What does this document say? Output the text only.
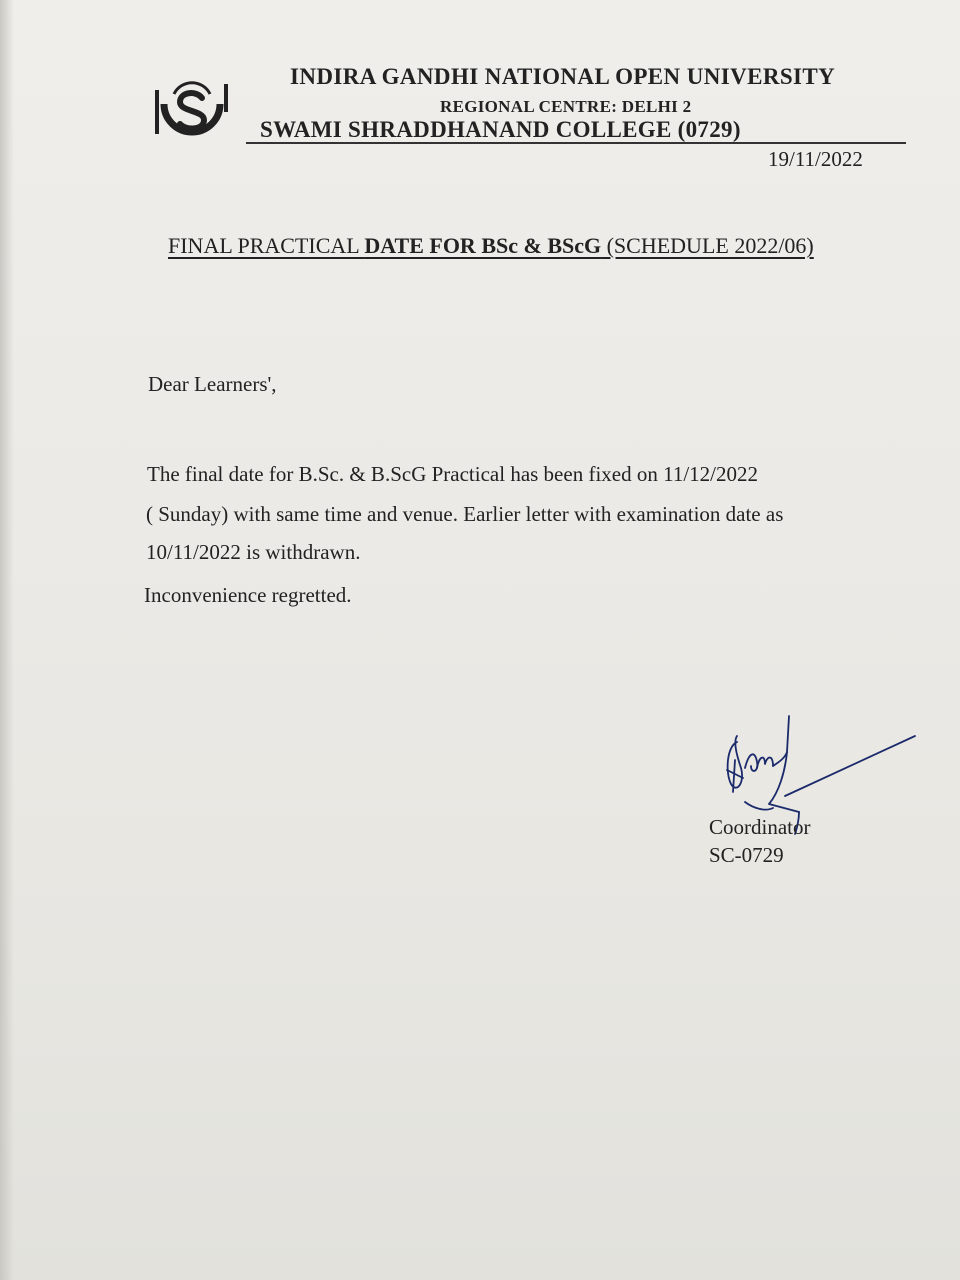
INDIRA GANDHI NATIONAL OPEN UNIVERSITY
REGIONAL CENTRE: DELHI 2
SWAMI SHRADDHANAND COLLEGE (0729)
19/11/2022
FINAL PRACTICAL DATE FOR BSc & BScG (SCHEDULE 2022/06)
Dear Learners',
The final date for B.Sc. & B.ScG Practical has been fixed on 11/12/2022
( Sunday) with same time and venue. Earlier letter with examination date as
10/11/2022 is withdrawn.
Inconvenience regretted.
Coordinator
SC-0729
